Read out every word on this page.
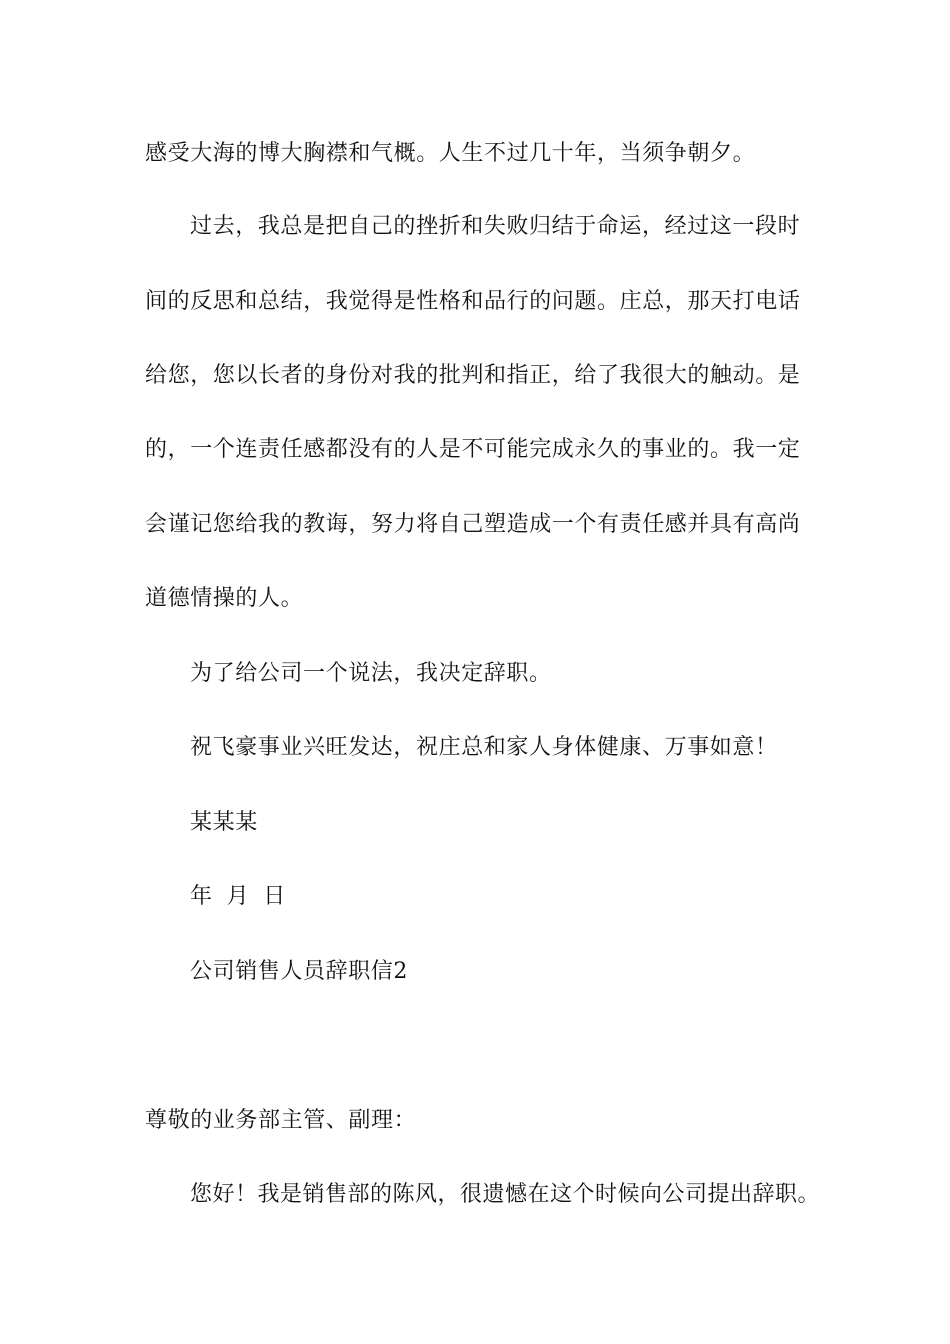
感受大海的博大胸襟和气概。人生不过几十年，当须争朝夕。
过去，我总是把自己的挫折和失败归结于命运，经过这一段时
间的反思和总结，我觉得是性格和品行的问题。庄总，那天打电话
给您，您以长者的身份对我的批判和指正，给了我很大的触动。是
的，一个连责任感都没有的人是不可能完成永久的事业的。我一定
会谨记您给我的教诲，努力将自己塑造成一个有责任感并具有高尚
道德情操的人。
为了给公司一个说法，我决定辞职。
祝飞豪事业兴旺发达，祝庄总和家人身体健康、万事如意！
某某某
年 月 日
公司销售人员辞职信2
尊敬的业务部主管、副理：
您好！我是销售部的陈风，很遗憾在这个时候向公司提出辞职。
